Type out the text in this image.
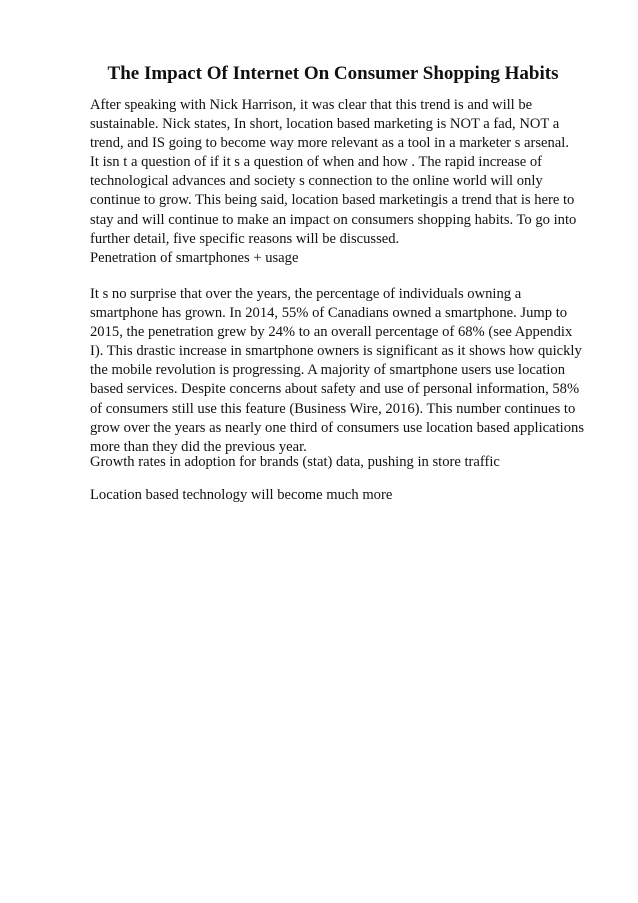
The Impact Of Internet On Consumer Shopping Habits
After speaking with Nick Harrison, it was clear that this trend is and will be
sustainable. Nick states, In short, location based marketing is NOT a fad, NOT a
trend, and IS going to become way more relevant as a tool in a marketer s arsenal.
It isn t a question of if it s a question of when and how . The rapid increase of
technological advances and society s connection to the online world will only
continue to grow. This being said, location based marketingis a trend that is here to
stay and will continue to make an impact on consumers shopping habits. To go into
further detail, five specific reasons will be discussed.
Penetration of smartphones + usage
It s no surprise that over the years, the percentage of individuals owning a
smartphone has grown. In 2014, 55% of Canadians owned a smartphone. Jump to
2015, the penetration grew by 24% to an overall percentage of 68% (see Appendix
I). This drastic increase in smartphone owners is significant as it shows how quickly
the mobile revolution is progressing. A majority of smartphone users use location
based services. Despite concerns about safety and use of personal information, 58%
of consumers still use this feature (Business Wire, 2016). This number continues to
grow over the years as nearly one third of consumers use location based applications
more than they did the previous year.
Growth rates in adoption for brands (stat) data, pushing in store traffic
Location based technology will become much more
